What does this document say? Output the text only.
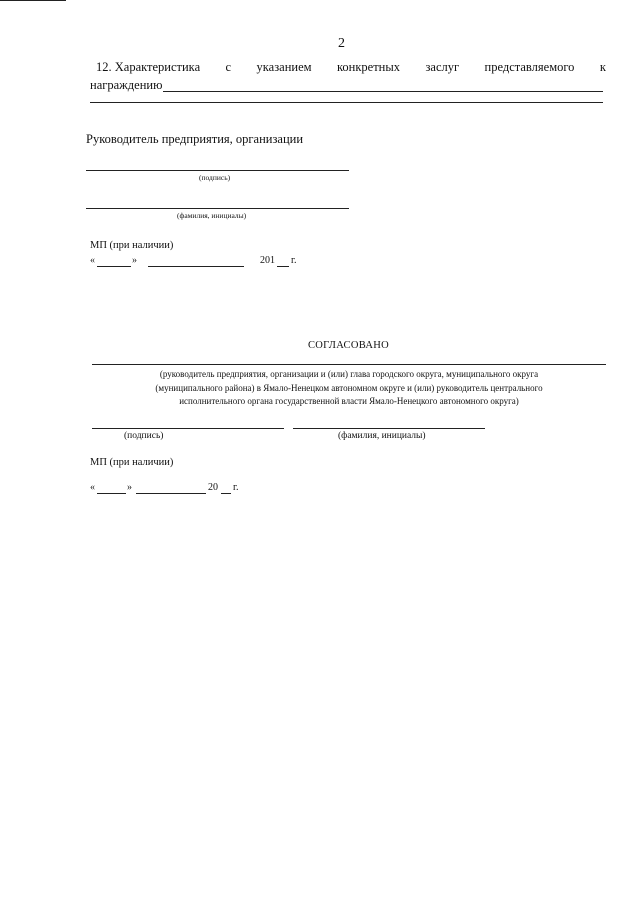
2
12. Характеристика с указанием конкретных заслуг представляемого к
награждению
Руководитель предприятия, организации
(подпись)
(фамилия, инициалы)
МП (при наличии)
«	»	201 г.
СОГЛАСОВАНО
(руководитель предприятия, организации и (или) глава городского округа, муниципального округа
(муниципального района) в Ямало-Ненецком автономном округе и (или) руководитель центрального
исполнительного органа государственной власти Ямало-Ненецкого автономного округа)
(подпись)	(фамилия, инициалы)
МП (при наличии)
«	»	20 г.
